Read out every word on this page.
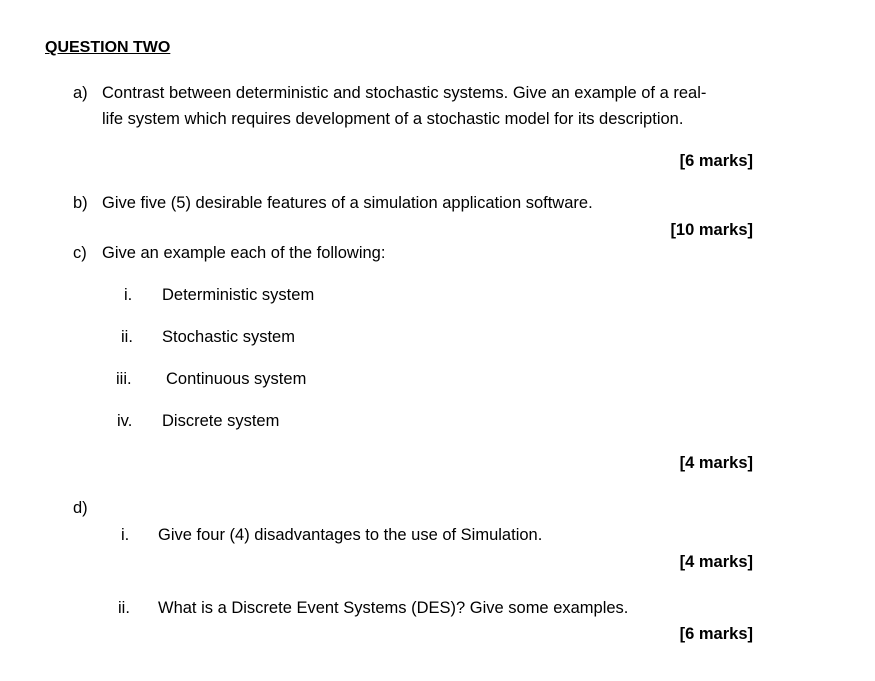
QUESTION TWO
a) Contrast between deterministic and stochastic systems. Give an example of a real-
life system which requires development of a stochastic model for its description.
[6 marks]
b) Give five (5) desirable features of a simulation application software.
[10 marks]
c) Give an example each of the following:
i. Deterministic system
ii. Stochastic system
iii. Continuous system
iv. Discrete system
[4 marks]
d)
i. Give four (4) disadvantages to the use of Simulation.
[4 marks]
ii. What is a Discrete Event Systems (DES)? Give some examples.
[6 marks]
